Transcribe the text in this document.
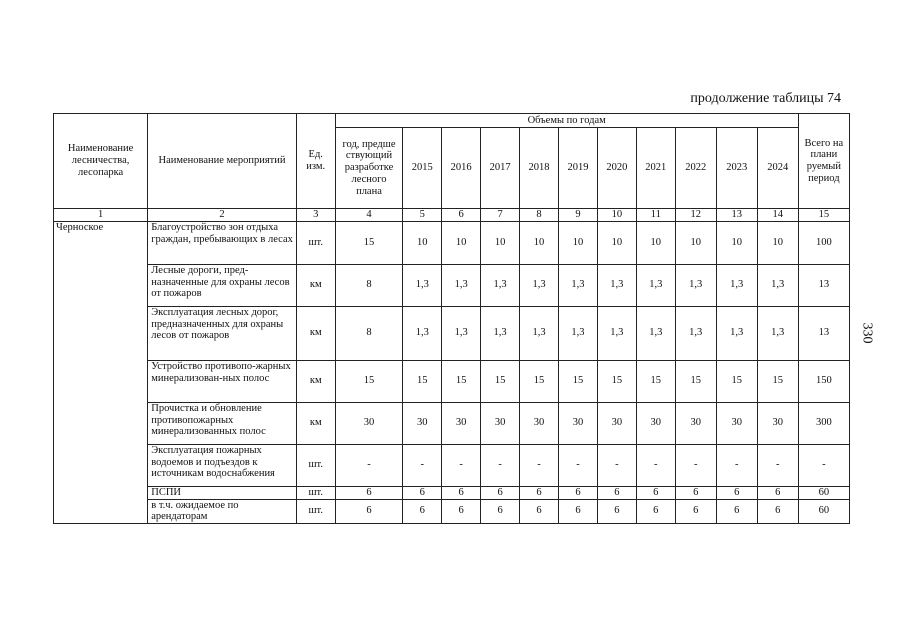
продолжение таблицы 74
330
Наименование лесничества, лесопарка	Наименование мероприятий	Ед. изм.	Объемы по годам											Всего на плани руемый период
			год, предше ствующий разработке лесного плана	2015	2016	2017	2018	2019	2020	2021	2022	2023	2024	
1	2	3	4	5	6	7	8	9	10	11	12	13	14	15
Черноское	Благоустройство зон отдыха граждан, пребывающих в лесах	шт.	15	10	10	10	10	10	10	10	10	10	10	100
	Лесные дороги, пред-назначенные для охраны лесов от пожаров	км	8	1,3	1,3	1,3	1,3	1,3	1,3	1,3	1,3	1,3	1,3	13
	Эксплуатация лесных дорог, предназначенных для охраны лесов от пожаров	км	8	1,3	1,3	1,3	1,3	1,3	1,3	1,3	1,3	1,3	1,3	13
	Устройство противопо-жарных минерализован-ных полос	км	15	15	15	15	15	15	15	15	15	15	15	150
	Прочистка и обновление противопожарных минерализованных полос	км	30	30	30	30	30	30	30	30	30	30	30	300
	Эксплуатация пожарных водоемов и подъездов к источникам водоснабжения	шт.	-	-	-	-	-	-	-	-	-	-	-	-
	ПСПИ	шт.	6	6	6	6	6	6	6	6	6	6	6	60
	в т.ч. ожидаемое по арендаторам	шт.	6	6	6	6	6	6	6	6	6	6	6	60
